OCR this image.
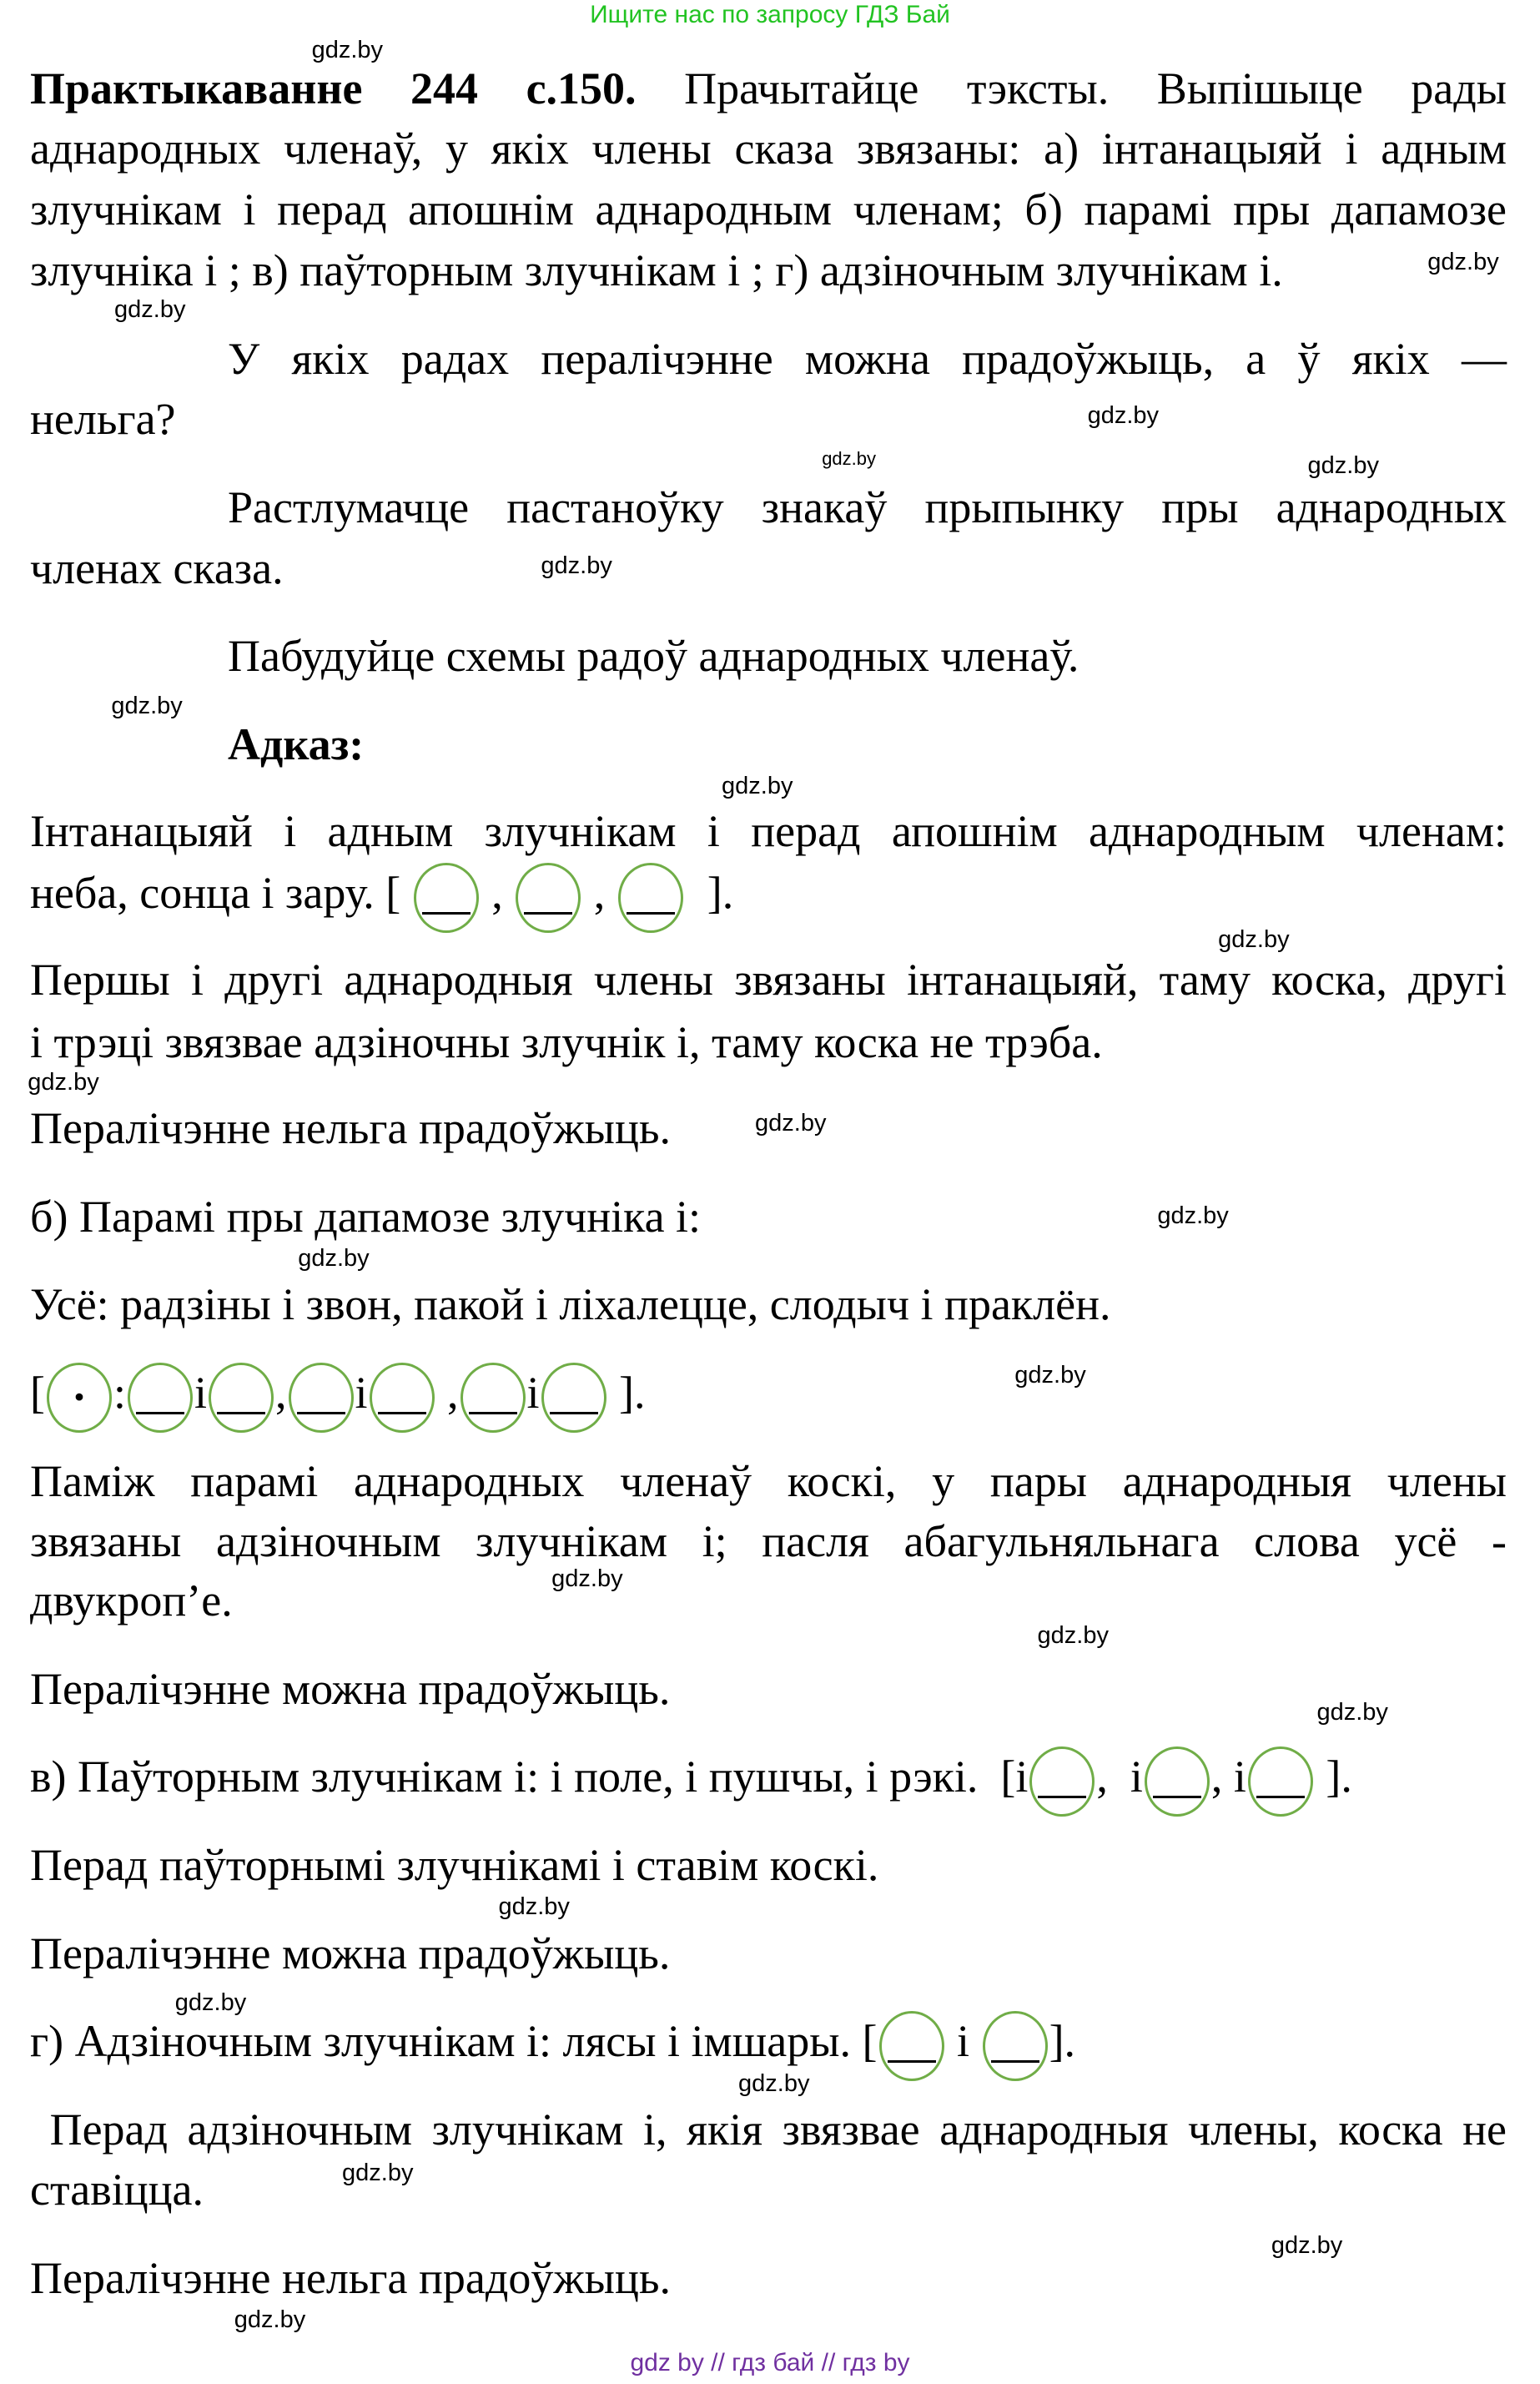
Ищите нас по запросу ГДЗ Бай
Практыкаванне 244 с.150. Прачытайце тэксты. Выпішыце рады
аднародных членаў, у якіх члены сказа звязаны: а) інтанацыяй і адным
злучнікам і перад апошнім аднародным членам; б) парамі пры дапамозе
злучніка і ; в) паўторным злучнікам і ; г) адзіночным злучнікам і.
У якіх радах пералічэнне можна прадоўжыць, а ў якіх —
нельга?
Растлумачце пастаноўку знакаў прыпынку пры аднародных
членах сказа.
Пабудуйце схемы радоў аднародных членаў.
Адказ:
Інтанацыяй і адным злучнікам і перад апошнім аднародным членам:
неба, сонца і зару. [  ,  ,   ].
Першы і другі аднародныя члены звязаны інтанацыяй, таму коска, другі
і трэці звязвае адзіночны злучнік і, таму коска не трэба.
Пералічэнне нельга прадоўжыць.
б) Парамі пры дапамозе злучніка і:
Усё: радзіны і звон, пакой і ліхалецце, слодыч і праклён.
[ · : і , і , і ].
Паміж парамі аднародных членаў коскі, у пары аднародныя члены
звязаны адзіночным злучнікам і; пасля абагульняльнага слова усё -
двукроп’е.
Пералічэнне можна прадоўжыць.
в) Паўторным злучнікам і: і поле, і пушчы, і рэкі.  [і ,  і , і ].
Перад паўторнымі злучнікамі і ставім коскі.
Пералічэнне можна прадоўжыць.
г) Адзіночным злучнікам і: лясы і імшары. [ і ].
Перад адзіночным злучнікам і, якія звязвае аднародныя члены, коска не
ставіцца.
Пералічэнне нельга прадоўжыць.
gdz by // гдз бай // гдз by
gdz.by
gdz.by
gdz.by
gdz.by
gdz.by
gdz.by
gdz.by
gdz.by
gdz.by
gdz.by
gdz.by
gdz.by
gdz.by
gdz.by
gdz.by
gdz.by
gdz.by
gdz.by
gdz.by
gdz.by
gdz.by
gdz.by
gdz.by
gdz.by
